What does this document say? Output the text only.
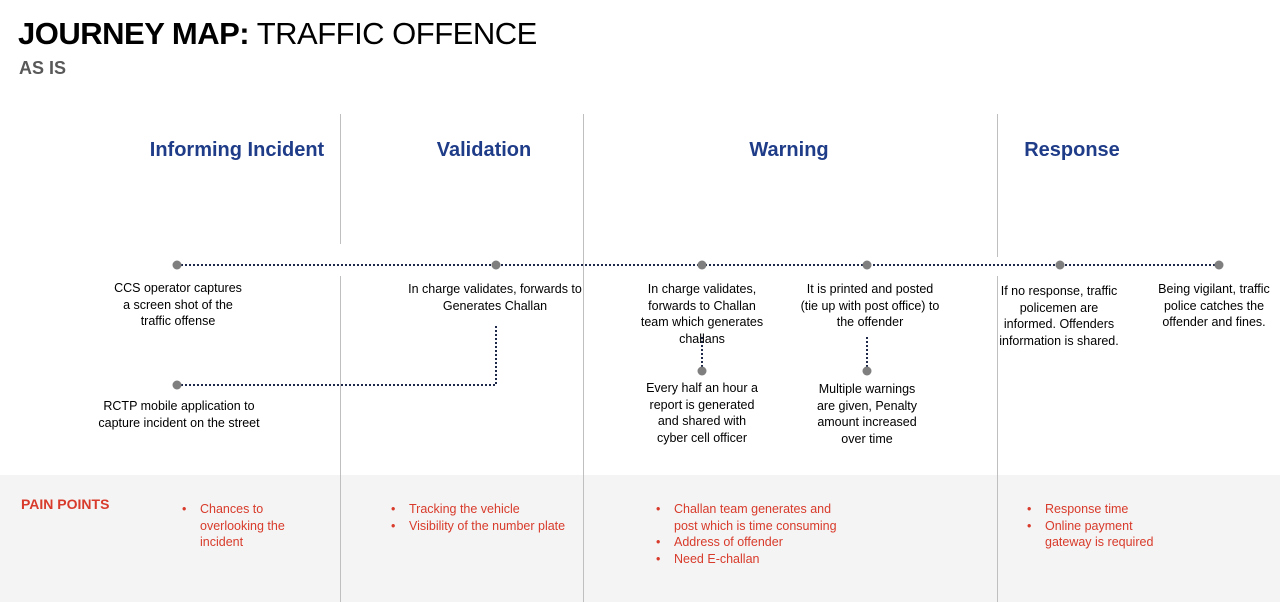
JOURNEY MAP: TRAFFIC OFFENCE
AS IS
Informing Incident	Validation	Warning	Response
CCS operator captures a screen shot of the traffic offense
RCTP mobile application to capture incident on the street
In charge validates, forwards to Generates Challan
In charge validates, forwards to Challan team which generates challans
Every half an hour a report is generated and shared with cyber cell officer
It is printed and posted (tie up with post office) to the offender
Multiple warnings are given, Penalty amount increased over time
If no response, traffic policemen are informed. Offenders information is shared.
Being vigilant, traffic police catches the offender and fines.
PAIN POINTS
•	Chances to overlooking the incident
• Tracking the vehicle
• Visibility of the number plate
• Challan team generates and post which is time consuming
• Address of offender
• Need E-challan
• Response time
• Online payment gateway is required
